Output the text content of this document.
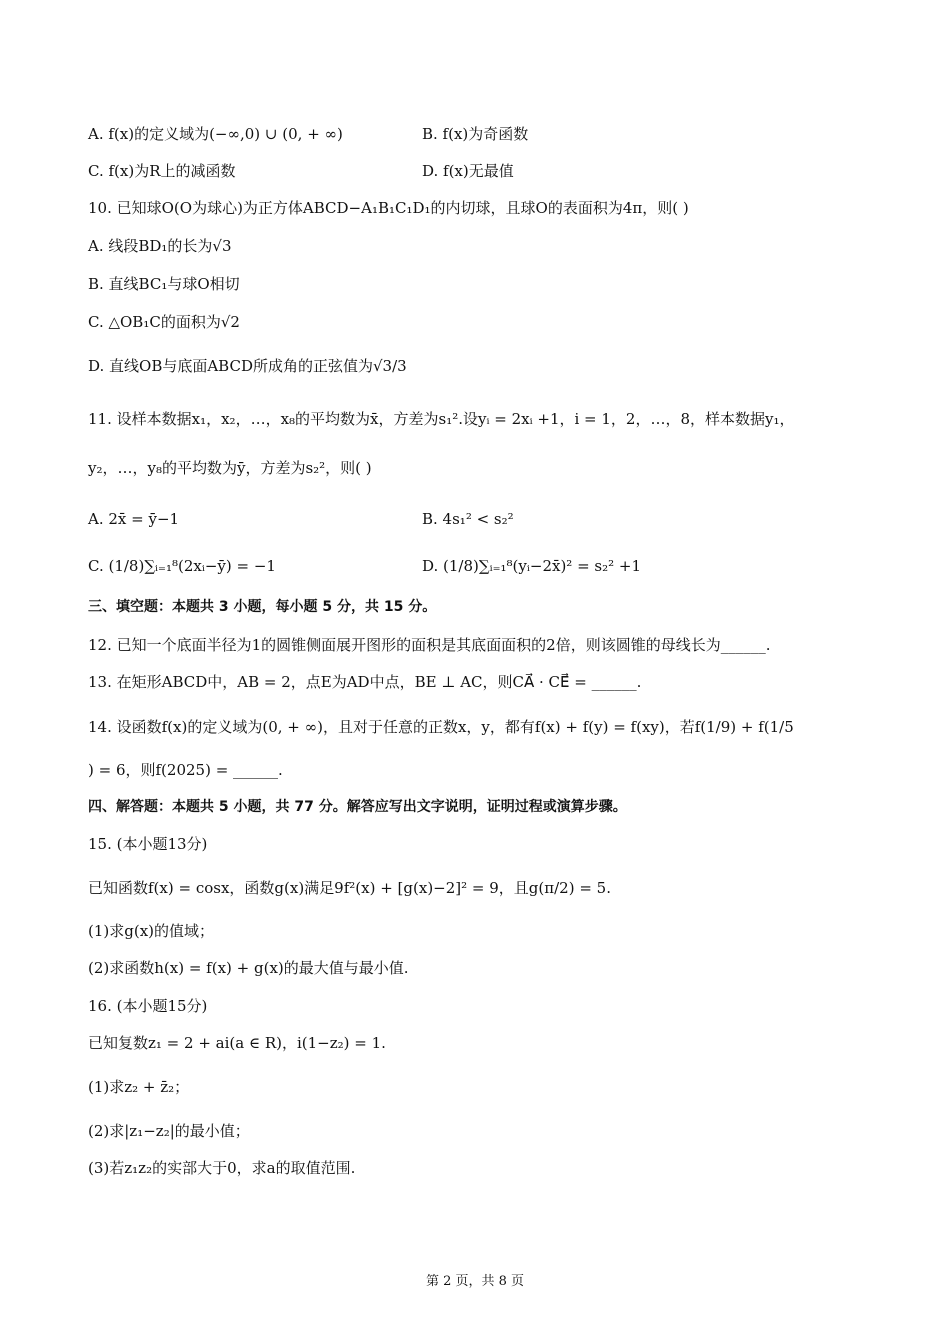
A. f(x)的定义域为(−∞,0) ∪ (0, + ∞)	B. f(x)为奇函数
C. f(x)为R上的减函数	D. f(x)无最值
10. 已知球O(O为球心)为正方体ABCD−A₁B₁C₁D₁的内切球，且球O的表面积为4π，则( )
A. 线段BD₁的长为√3
B. 直线BC₁与球O相切
C. △OB₁C的面积为√2
D. 直线OB与底面ABCD所成角的正弦值为√3/3
11. 设样本数据x₁，x₂，…，x₈的平均数为x̄，方差为s₁².设yᵢ = 2xᵢ +1，i = 1，2，…，8，样本数据y₁，
y₂，…，y₈的平均数为ȳ，方差为s₂²，则( )
A. 2x̄ = ȳ−1	B. 4s₁² < s₂²
C. (1/8)∑ᵢ₌₁⁸(2xᵢ−ȳ) = −1	D. (1/8)∑ᵢ₌₁⁸(yᵢ−2x̄)² = s₂² +1
三、填空题：本题共 3 小题，每小题 5 分，共 15 分。
12. 已知一个底面半径为1的圆锥侧面展开图形的面积是其底面面积的2倍，则该圆锥的母线长为______.
13. 在矩形ABCD中，AB = 2，点E为AD中点，BE ⊥ AC，则CA⃗ · CE⃗ = ______.
14. 设函数f(x)的定义域为(0, + ∞)，且对于任意的正数x，y，都有f(x) + f(y) = f(xy)，若f(1/9) + f(1/5
) = 6，则f(2025) = ______.
四、解答题：本题共 5 小题，共 77 分。解答应写出文字说明，证明过程或演算步骤。
15. (本小题13分)
已知函数f(x) = cosx，函数g(x)满足9f²(x) + [g(x)−2]² = 9，且g(π/2) = 5.
(1)求g(x)的值域；
(2)求函数h(x) = f(x) + g(x)的最大值与最小值.
16. (本小题15分)
已知复数z₁ = 2 + ai(a ∈ R)，i(1−z₂) = 1.
(1)求z₂ + z̄₂；
(2)求|z₁−z₂|的最小值；
(3)若z₁z₂的实部大于0，求a的取值范围.
第 2 页，共 8 页
